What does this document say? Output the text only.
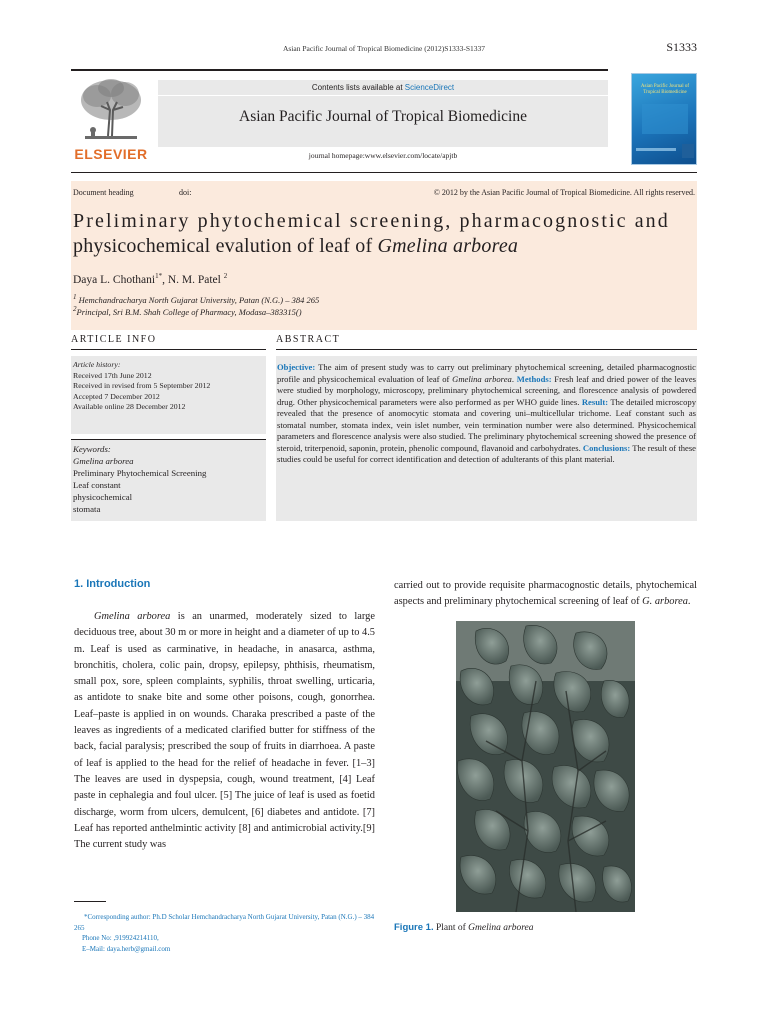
Asian Pacific Journal of Tropical Biomedicine (2012)S1333-S1337	S1333
ELSEVIER
Contents lists available at ScienceDirect
Asian Pacific Journal of Tropical Biomedicine
journal homepage:www.elsevier.com/locate/apjtb
Asian Pacific Journal of Tropical Biomedicine
Document heading	doi:	© 2012 by the Asian Pacific Journal of Tropical Biomedicine. All rights reserved.
Preliminary phytochemical screening, pharmacognostic and
physicochemical evalution of leaf of Gmelina arborea
Daya L. Chothani$^{1*}$, N. M. Patel $^2$
$^1$ Hemchandracharya North Gujarat University, Patan (N.G.) – 384 265
$^2$Principal, Sri B.M. Shah College of Pharmacy, Modasa–383315()
ARTICLE INFO
Article history:
Received 17th June 2012
Received in revised from 5 September 2012
Accepted 7 December 2012
Available online 28 December 2012
Keywords:
Gmelina arborea
Preliminary Phytochemical Screening
Leaf constant
physicochemical
stomata
ABSTRACT
Objective: The aim of present study was to carry out preliminary phytochemical screening, detailed pharmacognostic profile and physicochemical evaluation of leaf of Gmelina arborea. Methods: Fresh leaf and dried power of the leaves were studied by morphology, microscopy, preliminary phytochemical screening, and florescence analysis of powdered drug. Other physicochemical parameters were also performed as per WHO guide lines. Result: The detailed microscopy revealed that the presence of anomocytic stomata and covering uni–multicellular trichome. Leaf constant such as stomatal number, stomata index, vein islet number, vein termination number were also determined. Physicochemical parameters and florescence analysis were also studied. The preliminary phytochemical screening showed the presence of steroid, triterpenoid, saponin, protein, phenolic compound, flavanoid and carbohydrates. Conclusions: The result of these studies could be useful for correct identification and detection of adulterants of this plant material.
1. Introduction

Gmelina arborea is an unarmed, moderately sized to large deciduous tree, about 30 m or more in height and a diameter of up to 4.5 m. Leaf is used as carminative, in headache, in anasarca, asthma, bronchitis, cholera, colic pain, dropsy, epilepsy, phthisis, rheumatism, small pox, sore, spleen complaints, syphilis, throat swelling, urticaria, as antidote to snake bite and some other poisons, cough, gonorrhea. Leaf–paste is applied in on wounds. Charaka prescribed a paste of the leaves as ingredients of a medicated clarified butter for stiffness of the back, facial paralysis; prescribed the soup of fruits in diarrhoea. A paste of leaf is applied to the head for the relief of headache in fever. [1–3] The leaves are used in dyspepsia, cough, wound treatment, [4] Leaf paste in cephalegia and foul ulcer. [5] The juice of leaf is used as foetid discharge, worm from ulcers, demulcent, [6] diabetes and antidote. [7] Leaf has reported anthelmintic activity [8] and antimicrobial activity.[9] The current study was

*Corresponding author: Ph.D Scholar Hemchandracharya North Gujarat University, Patan (N.G.) – 384 265
Phone No: ,919924214110,
E–Mail: daya.herb@gmail.com
carried out to provide requisite pharmacognostic details, phytochemical aspects and preliminary phytochemical screening of leaf of G. arborea.
Figure 1. Plant of Gmelina arborea
